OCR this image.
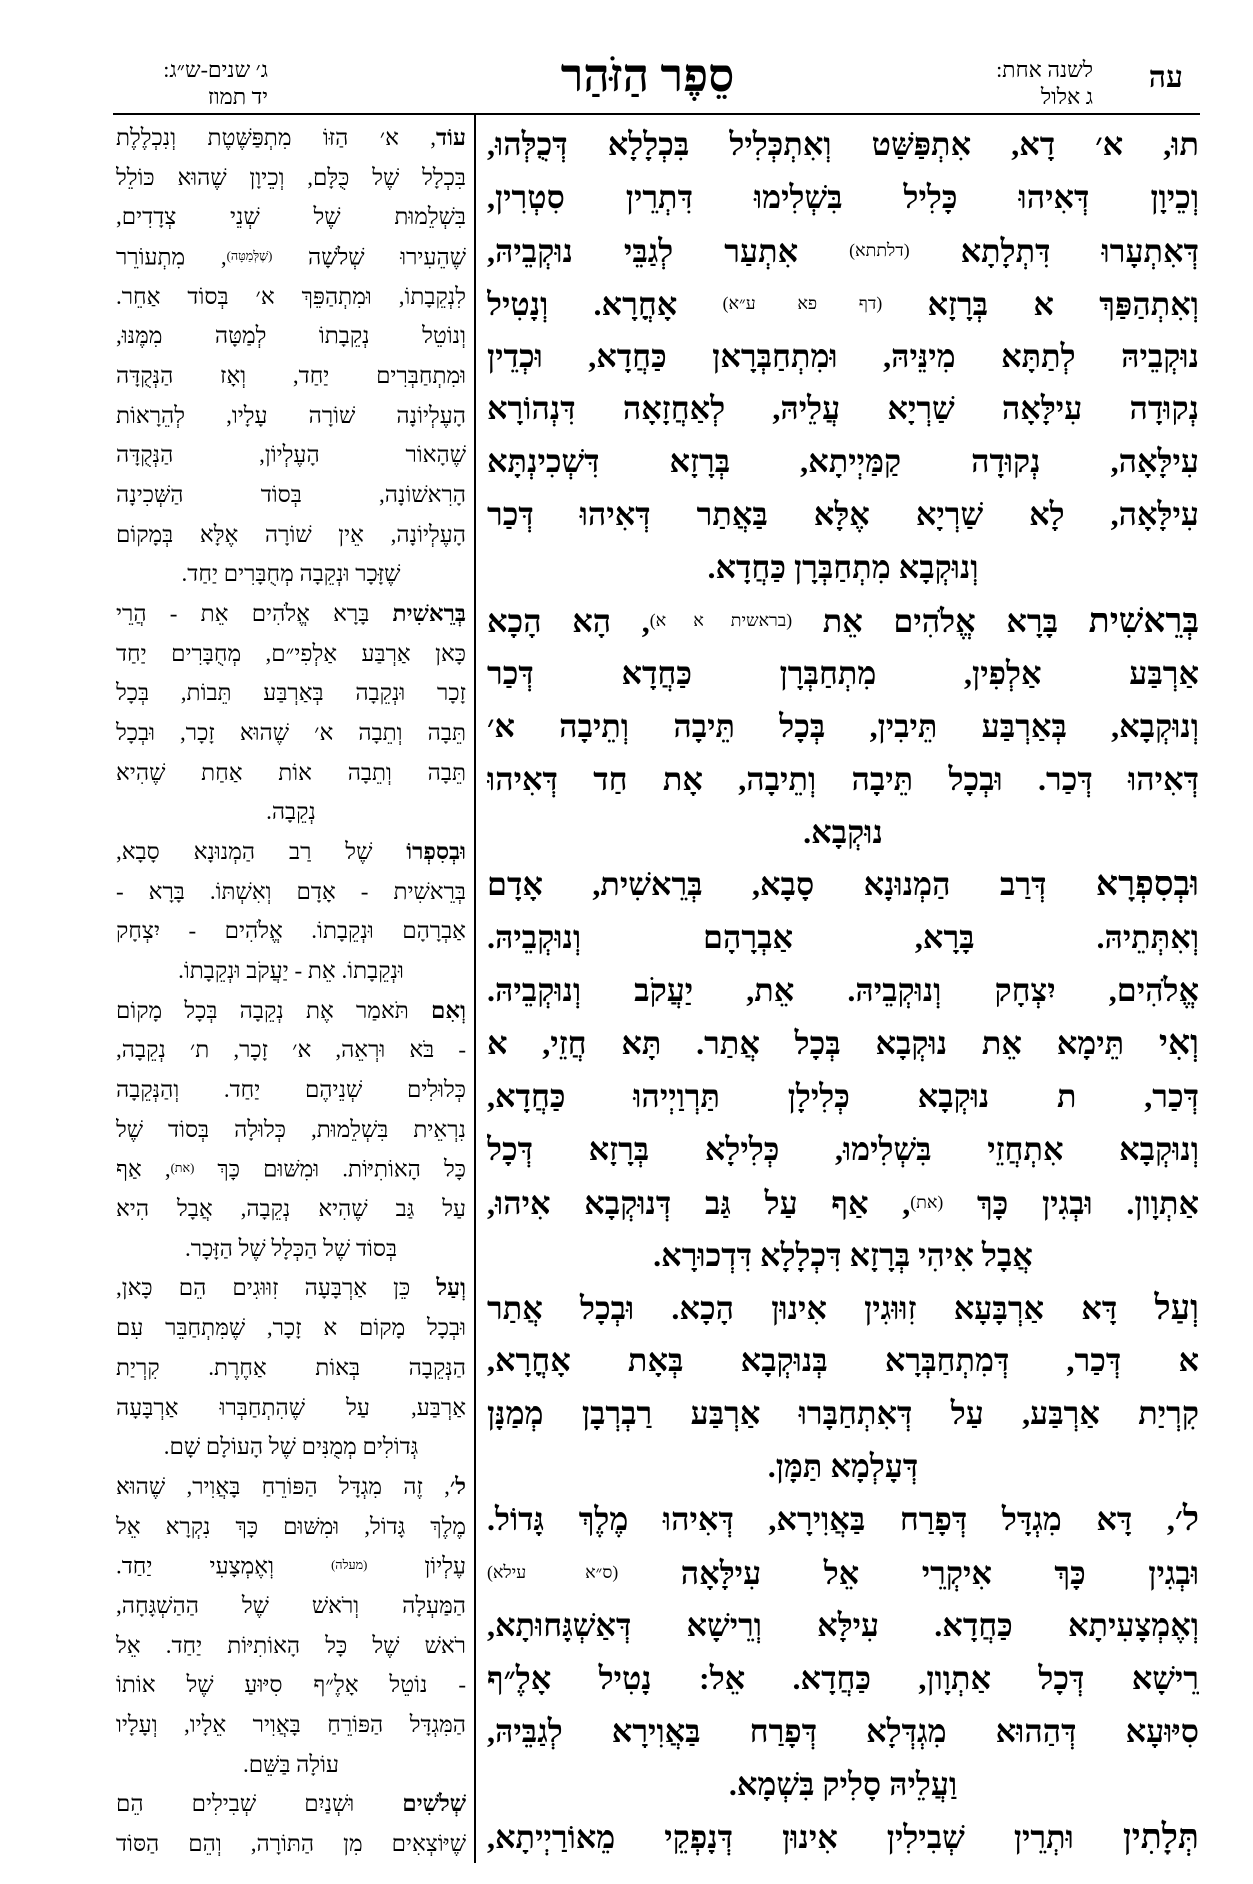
עה
לשנה אחת:
ג אלול
סֵפֶר הַזֹּהַר
ג׳ שנים-ש״ג:
יד תמוז
תוּ, א׳ דָא, אִתְפַּשַּׁט וְאִתְכְּלִיל בִּכְלָלָא דְּכֻלְּהוּ,
וְכֵיוָן דְּאִיהוּ כָּלִיל בִּשְׁלִימוּ דִּתְרֵין סִטְרִין,
דְּאִתְעָרוּ דִּתְלָתָא (דלתתא) אִתְעַר לְגַבֵּי נוּקְבֵיהּ,
וְאִתְהַפַּךְ א בְּרָזָא (דף פא ע״א) אָחֳרָא. וְנָטִיל
נוּקְבֵיהּ לְתַתָּא מִינֵּיהּ, וּמִתְחַבְּרָאן כַּחֲדָא, וּכְדֵין
נְקוּדָה עִילָּאָה שַׁרְיָא עֲלֵיהּ, לְאַחֲזָאָה דִּנְהוֹרָא
עִילָּאָה, נְקוּדָה קַמַּיְיתָא, בְּרָזָא דִּשְׁכִינְתָּא
עִילָּאָה, לָא שַׁרְיָא אֶלָּא בַּאֲתַר דְּאִיהוּ דְּכַר
וְנוּקְבָא מִתְחַבְּרָן כַּחֲדָא.
בְּרֵאשִׁית בָּרָא אֱלֹהִים אֵת (בראשית א א), הָא הָכָא
אַרְבַּע אַלְפִין, מִתְחַבְּרָן כַּחֲדָא דְּכַר
וְנוּקְבָא, בְּאַרְבַּע תֵּיבִין, בְּכָל תֵּיבָה וְתֵיבָה א׳
דְּאִיהוּ דְּכַר. וּבְכָל תֵּיבָה וְתֵיבָה, אָת חַד דְּאִיהוּ
נוּקְבָא.
וּבְסִפְרָא דְּרַב הַמְנוּנָא סָבָא, בְּרֵאשִׁית, אָדָם
וְאִתְּתֵיהּ. בָּרָא, אַבְרָהָם וְנוּקְבֵיהּ.
אֱלֹהִים, יִצְחָק וְנוּקְבֵיהּ. אֵת, יַעֲקֹב וְנוּקְבֵיהּ.
וְאִי תֵּימָא אֵת נוּקְבָא בְּכָל אֲתַר. תָּא חֲזֵי, א
דְּכַר, ת נוּקְבָא כְּלִילָן תַּרְוַיְיהוּ כַּחֲדָא,
וְנוּקְבָא אִתְחֲזֵי בִּשְׁלִימוּ, כְּלִילָא בְּרָזָא דְּכָל
אַתְוָון. וּבְגִין כָּךְ (את), אַף עַל גַּב דְּנוּקְבָא אִיהוּ,
אֲבָל אִיהִי בְּרָזָא דִּכְלָלָא דִּדְכוּרָא.
וְעַל דָּא אַרְבָּעָא זִוּוּגִין אִינוּן הָכָא. וּבְכָל אֲתַר
א דְּכַר, דְּמִתְחַבְּרָא בְּנוּקְבָא בְּאָת אָחֳרָא,
קִרְיַת אַרְבַּע, עַל דְּאִתְחַבָּרוּ אַרְבַּע רַבְרְבָן מְמַנָּן
דְּעָלְמָא תַּמָּן.
ל׳, דָּא מִגְדָּל דְּפָרַח בַּאֲוִירָא, דְּאִיהוּ מֶלֶךְ גָּדוֹל.
וּבְגִין כָּךְ אִיקְרֵי אֵל עִילָּאָה (ס״א עילא)
וְאֶמְצָעִיתָא כַּחֲדָא. עִילָּא וְרֵישָׁא דְּאַשְׁגָּחוּתָא,
רֵישָׁא דְּכָל אַתְוָון, כַּחֲדָא. אֵל: נָטִיל אָלֶ״ף
סִיּוּעָא דְּהַהוּא מִגְדְּלָא דְּפָרַח בַּאֲוִירָא לְגַבֵּיהּ,
וַעֲלֵיהּ סָלִיק בִּשְׁמָא.
תְּלָתִין וּתְרֵין שְׁבִילִין אִינוּן דְּנָפְקֵי מֵאוֹרַיְיתָא,
עוֹד, א׳ הַזּוֹ מִתְפַּשֶּׁטֶת וְנִכְלֶלֶת
בִּכְלָל שֶׁל כֻּלָּם, וְכֵיוָן שֶׁהוּא כּוֹלֵל
בִּשְׁלֵמוּת שֶׁל שְׁנֵי צְדָדִים,
שֶׁהֵעִירוּ שְׁלֹשָׁה (שֶׁלְּמַטָּה), מִתְעוֹרֵר
לִנְקֵבָתוֹ, וּמִתְהַפֵּךְ א׳ בְּסוֹד אַחֵר.
וְנוֹטֵל נְקֵבָתוֹ לְמַטָּה מִמֶּנּוּ,
וּמִתְחַבְּרִים יַחַד, וְאָז הַנְּקֻדָּה
הָעֶלְיוֹנָה שׁוֹרָה עָלָיו, לְהֵרָאוֹת
שֶׁהָאוֹר הָעֶלְיוֹן, הַנְּקֻדָּה
הָרִאשׁוֹנָה, בְּסוֹד הַשְּׁכִינָה
הָעֶלְיוֹנָה, אֵין שׁוֹרָה אֶלָּא בְּמָקוֹם
שֶׁזָּכָר וּנְקֵבָה מְחֻבָּרִים יַחַד.
בְּרֵאשִׁית בָּרָא אֱלֹהִים אֵת - הֲרֵי
כָּאן אַרְבַּע אַלְפִי״ם, מְחֻבָּרִים יַחַד
זָכָר וּנְקֵבָה בְּאַרְבַּע תֵּבוֹת, בְּכָל
תֵּבָה וְתֵבָה א׳ שֶׁהוּא זָכָר, וּבְכָל
תֵּבָה וְתֵבָה אוֹת אַחַת שֶׁהִיא
נְקֵבָה.
וּבְסִפְרוֹ שֶׁל רַב הַמְנוּנָא סָבָא,
בְּרֵאשִׁית - אָדָם וְאִשְׁתּוֹ. בָּרָא -
אַבְרָהָם וּנְקֵבָתוֹ. אֱלֹהִים - יִצְחָק
וּנְקֵבָתוֹ. אֵת - יַעֲקֹב וּנְקֵבָתוֹ.
וְאִם תֹּאמַר אֶת נְקֵבָה בְּכָל מָקוֹם
- בֹּא וּרְאֵה, א׳ זָכָר, ת׳ נְקֵבָה,
כְּלוּלִים שְׁנֵיהֶם יַחַד. וְהַנְּקֵבָה
נִרְאֵית בִּשְׁלֵמוּת, כְּלוּלָה בְּסוֹד שֶׁל
כָּל הָאוֹתִיּוֹת. וּמִשּׁוּם כָּךְ (את), אַף
עַל גַּב שֶׁהִיא נְקֵבָה, אֲבָל הִיא
בְּסוֹד שֶׁל הַכְּלָל שֶׁל הַזָּכָר.
וְעַל כֵּן אַרְבָּעָה זִוּוּגִים הֵם כָּאן,
וּבְכָל מָקוֹם א זָכָר, שֶׁמִּתְחַבֵּר עִם
הַנְּקֵבָה בְּאוֹת אַחֶרֶת. קִרְיַת
אַרְבַּע, עַל שֶׁהִתְחַבְּרוּ אַרְבָּעָה
גְּדוֹלִים מְמֻנִּים שֶׁל הָעוֹלָם שָׁם.
ל׳, זֶה מִגְדָּל הַפּוֹרֵחַ בָּאֲוִיר, שֶׁהוּא
מֶלֶךְ גָּדוֹל, וּמִשּׁוּם כָּךְ נִקְרָא אֵל
עֶלְיוֹן (מעלה) וְאֶמְצָעִי יַחַד.
הַמַּעְלָה וְרֹאשׁ שֶׁל הַהַשְׁגָּחָה,
רֹאשׁ שֶׁל כָּל הָאוֹתִיּוֹת יַחַד. אֵל
- נוֹטֵל אָלֶ״ף סִיּוּעַ שֶׁל אוֹתוֹ
הַמִּגְדָּל הַפּוֹרֵחַ בָּאֲוִיר אֵלָיו, וְעָלָיו
עוֹלָה בַּשֵּׁם.
שְׁלֹשִׁים וּשְׁנַיִם שְׁבִילִים הֵם
שֶׁיּוֹצְאִים מִן הַתּוֹרָה, וְהֵם הַסּוֹד
